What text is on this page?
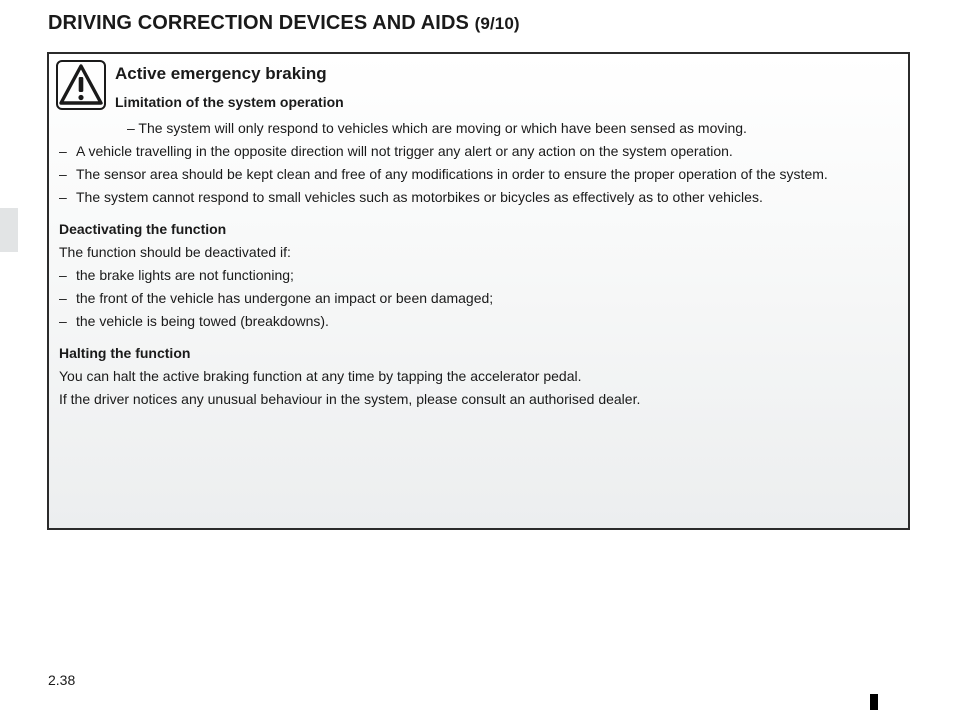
DRIVING CORRECTION DEVICES AND AIDS (9/10)
Active emergency braking

Limitation of the system operation

– The system will only respond to vehicles which are moving or which have been sensed as moving.

– A vehicle travelling in the opposite direction will not trigger any alert or any action on the system operation.
– The sensor area should be kept clean and free of any modifications in order to ensure the proper operation of the system.
– The system cannot respond to small vehicles such as motorbikes or bicycles as effectively as to other vehicles.

Deactivating the function

The function should be deactivated if:

– the brake lights are not functioning;
– the front of the vehicle has undergone an impact or been damaged;
– the vehicle is being towed (breakdowns).

Halting the function

You can halt the active braking function at any time by tapping the accelerator pedal.

If the driver notices any unusual behaviour in the system, please consult an authorised dealer.

2.38
